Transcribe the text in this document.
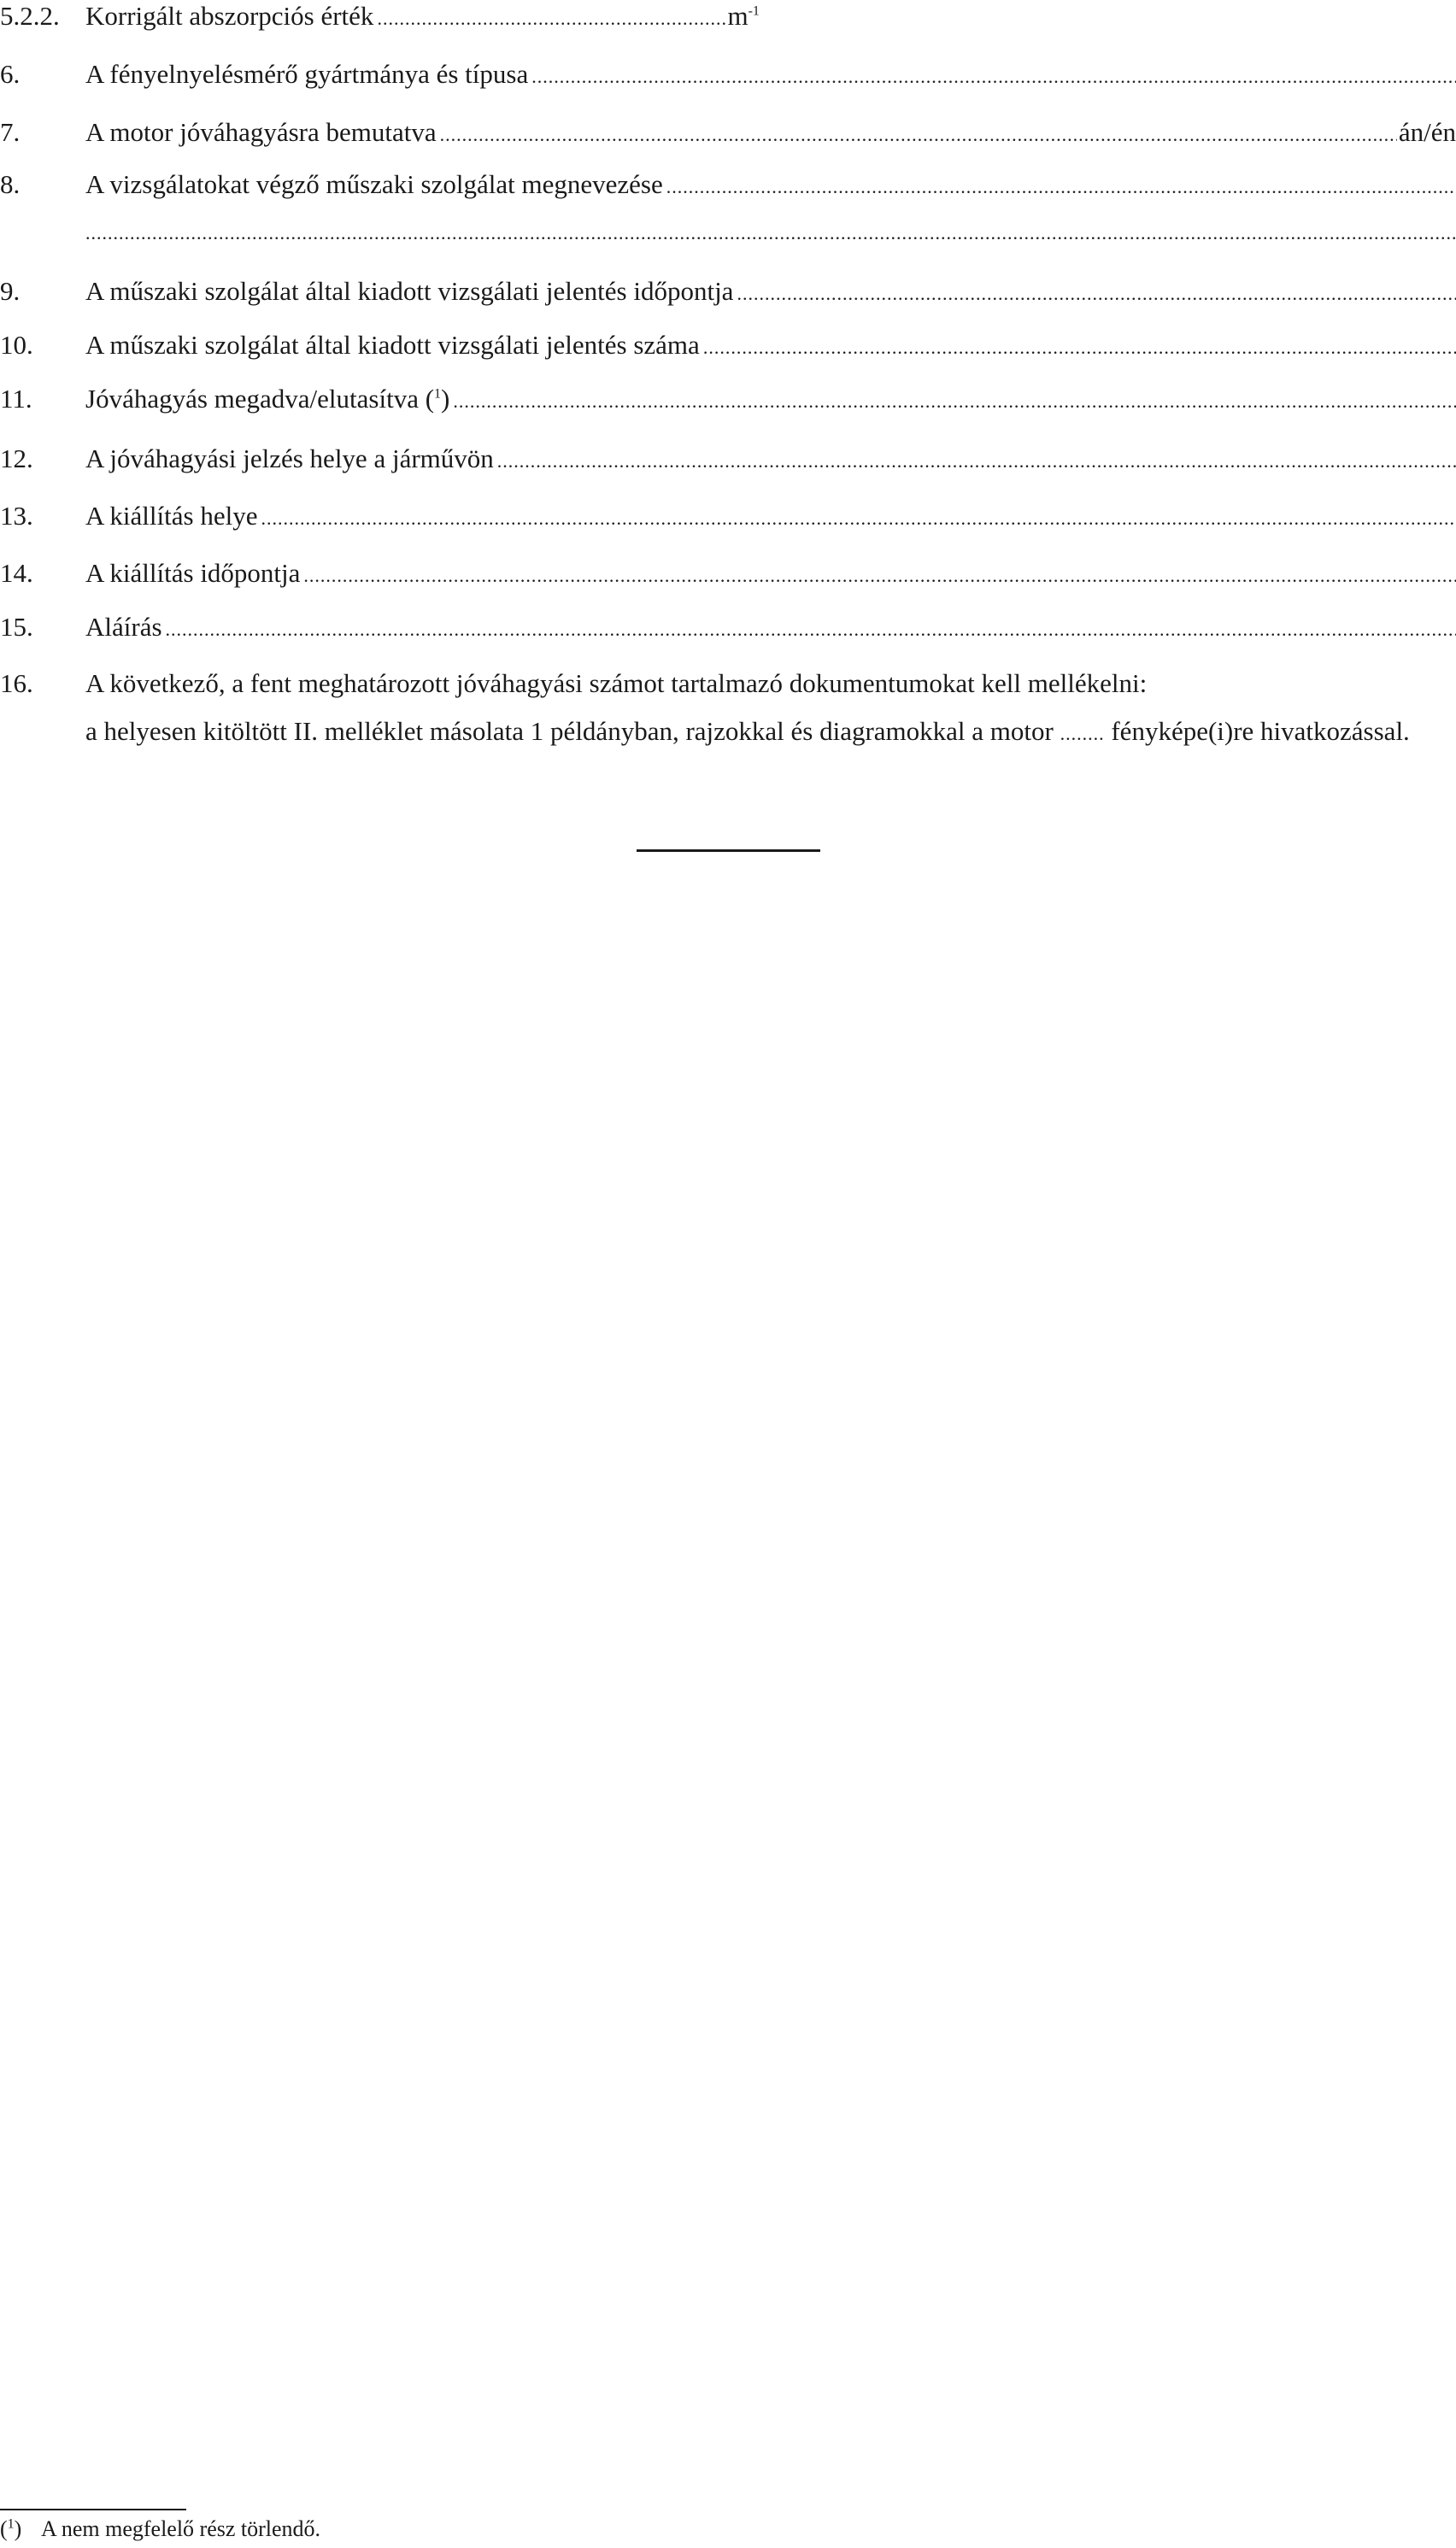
5.2.2. Korrigált abszorpciós érték .....	$m^{-1}$
6.	A fényelnyelésmérő gyártmánya és típusa
.....
7.	A motor jóváhagyásra bemutatva .....	án/én
8.	A vizsgálatokat végző műszaki szolgálat megnevezése
.....
.....
9.	A műszaki szolgálat által kiadott vizsgálati jelentés időpontja
.....
10.	A műszaki szolgálat által kiadott vizsgálati jelentés száma
.....
11.	Jóváhagyás megadva/elutasítva ($^1$)
.....
12.	A jóváhagyási jelzés helye a járművön
.....
13.	A kiállítás helye
.....
14.	A kiállítás időpontja
.....
15.	Aláírás
.....
16.	A következő, a fent meghatározott jóváhagyási számot tartalmazó dokumentumokat kell mellékelni:
a helyesen kitöltött II. melléklet másolata 1 példányban, rajzokkal és diagramokkal a motor ........ fényképe(i)re hivatkozással.
($^1$) A nem megfelelő rész törlendő.
